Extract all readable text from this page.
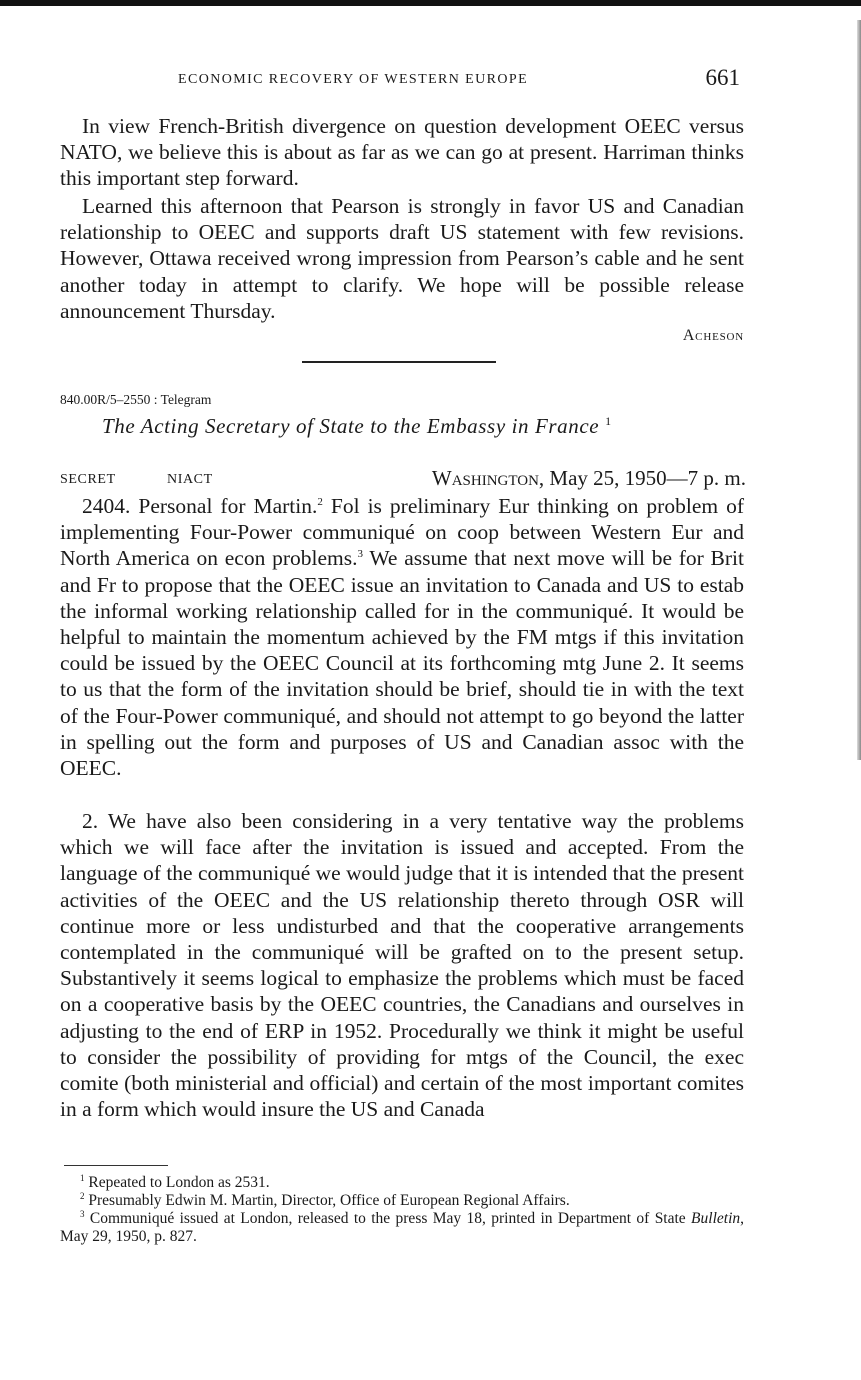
ECONOMIC RECOVERY OF WESTERN EUROPE	661

In view French-British divergence on question development OEEC versus NATO, we believe this is about as far as we can go at present. Harriman thinks this important step forward.

Learned this afternoon that Pearson is strongly in favor US and Canadian relationship to OEEC and supports draft US statement with few revisions. However, Ottawa received wrong impression from Pearson’s cable and he sent another today in attempt to clarify. We hope will be possible release announcement Thursday.

Acheson
840.00R/5–2550 : Telegram
The Acting Secretary of State to the Embassy in France $^1$
SECRET	NIACT	Washington, May 25, 1950—7 p. m.

2404. Personal for Martin.$^2$ Fol is preliminary Eur thinking on problem of implementing Four-Power communiqué on coop between Western Eur and North America on econ problems.$^3$ We assume that next move will be for Brit and Fr to propose that the OEEC issue an invitation to Canada and US to estab the informal working relationship called for in the communiqué. It would be helpful to maintain the momentum achieved by the FM mtgs if this invitation could be issued by the OEEC Council at its forthcoming mtg June 2. It seems to us that the form of the invitation should be brief, should tie in with the text of the Four-Power communiqué, and should not attempt to go beyond the latter in spelling out the form and purposes of US and Canadian assoc with the OEEC.

2. We have also been considering in a very tentative way the problems which we will face after the invitation is issued and accepted. From the language of the communiqué we would judge that it is intended that the present activities of the OEEC and the US relationship thereto through OSR will continue more or less undisturbed and that the cooperative arrangements contemplated in the communiqué will be grafted on to the present setup. Substantively it seems logical to emphasize the problems which must be faced on a cooperative basis by the OEEC countries, the Canadians and ourselves in adjusting to the end of ERP in 1952. Procedurally we think it might be useful to consider the possibility of providing for mtgs of the Council, the exec comite (both ministerial and official) and certain of the most important comites in a form which would insure the US and Canada

$^1$ Repeated to London as 2531.

$^2$ Presumably Edwin M. Martin, Director, Office of European Regional Affairs.

$^3$ Communiqué issued at London, released to the press May 18, printed in Department of State Bulletin, May 29, 1950, p. 827.
